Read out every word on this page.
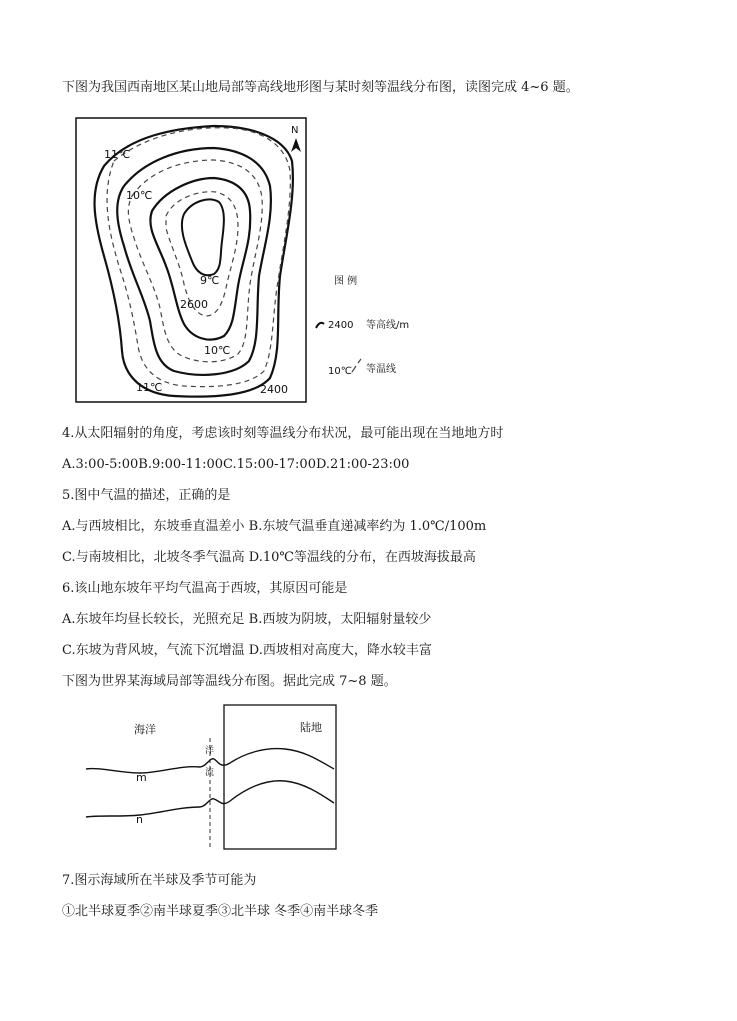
下图为我国西南地区某山地局部等高线地形图与某时刻等温线分布图，读图完成 4~6 题。

N
11℃
10℃
9℃
2600
10℃
11℃	2400
图 例
2400 等高线/m
10℃ 等温线

4.从太阳辐射的角度，考虑该时刻等温线分布状况，最可能出现在当地地方时

A.3:00-5:00B.9:00-11:00C.15:00-17:00D.21:00-23:00

5.图中气温的描述，正确的是

A.与西坡相比，东坡垂直温差小 B.东坡气温垂直递减率约为 1.0℃/100m

C.与南坡相比，北坡冬季气温高 D.10℃等温线的分布，在西坡海拔最高

6.该山地东坡年平均气温高于西坡，其原因可能是

A.东坡年均昼长较长，光照充足 B.西坡为阴坡，太阳辐射量较少

C.东坡为背风坡，气流下沉增温 D.西坡相对高度大，降水较丰富

下图为世界某海域局部等温线分布图。据此完成 7~8 题。

海洋	陆地
洋
流
m
n

7.图示海域所在半球及季节可能为

①北半球夏季②南半球夏季③北半球 冬季④南半球冬季
